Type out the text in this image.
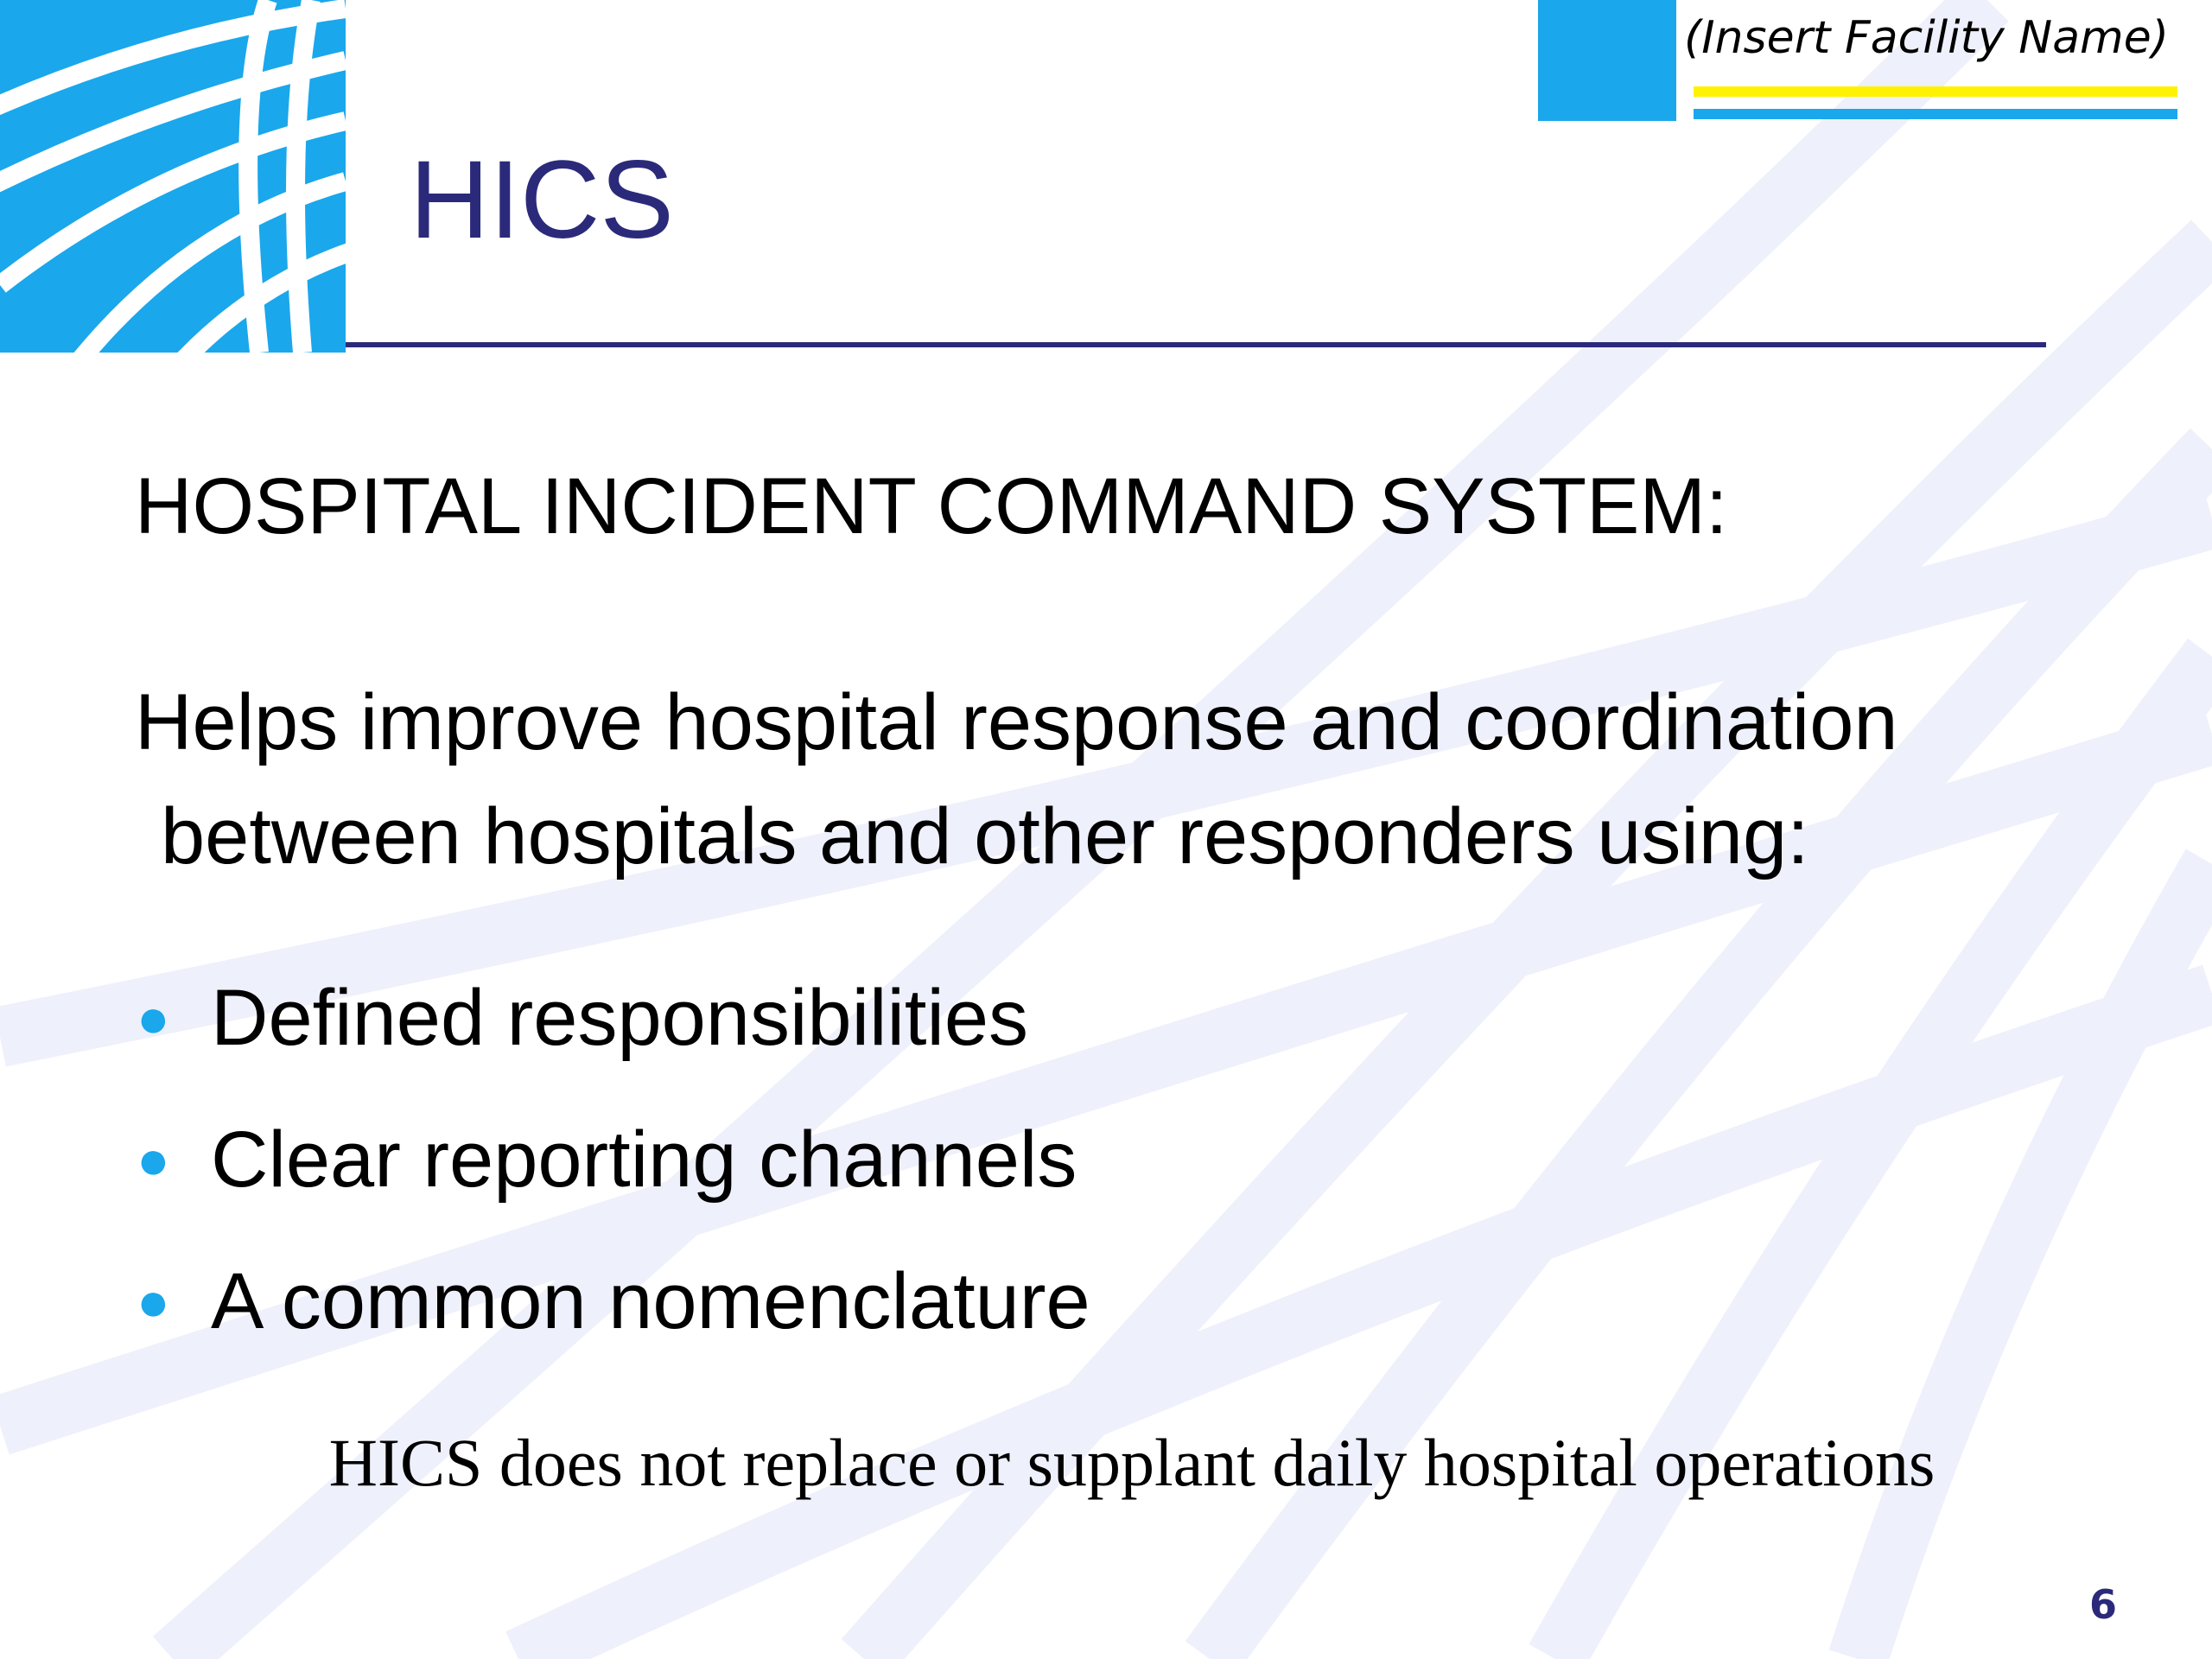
(Insert Facility Name)
HICS
HOSPITAL INCIDENT COMMAND SYSTEM:
Helps improve hospital response and coordination
between hospitals and other responders using:
● Defined responsibilities
● Clear reporting channels
● A common nomenclature
HICS does not replace or supplant daily hospital operations
6
